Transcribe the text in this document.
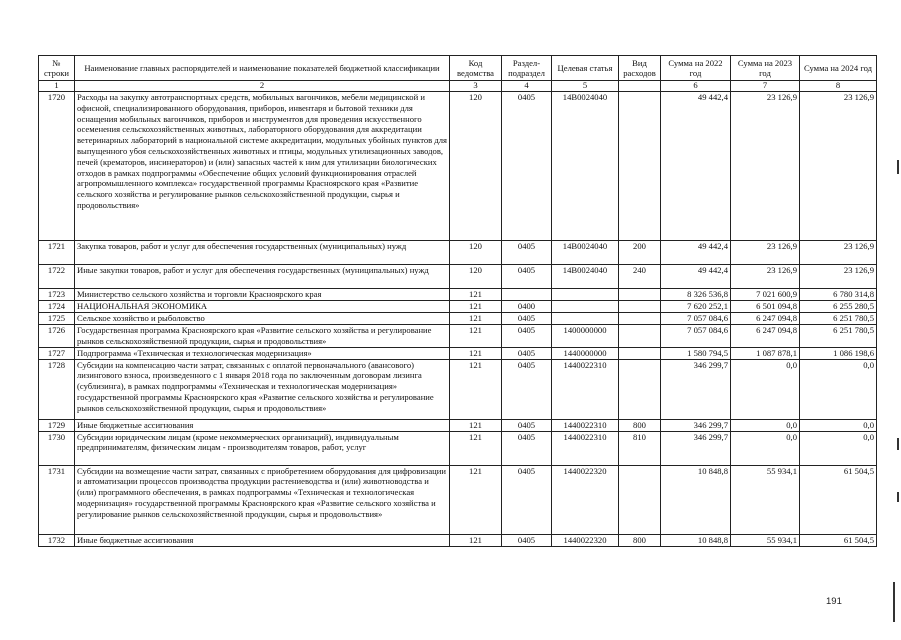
№ строки	Наименование главных распорядителей и наименование показателей бюджетной классификации	Код ведомства	Раздел-подраздел	Целевая статья	Вид расходов	Сумма на 2022 год	Сумма на 2023 год	Сумма на 2024 год
1	2	3	4	5		6	7	8
1720	Расходы на закупку автотранспортных средств, мобильных вагончиков, мебели медицинской и офисной, специализированного оборудования, приборов, инвентаря и бытовой техники для оснащения мобильных вагончиков, приборов и инструментов для проведения искусственного осеменения сельскохозяйственных животных, лабораторного оборудования для аккредитации ветеринарных лабораторий в национальной системе аккредитации, модульных убойных пунктов для выпущенного убоя сельскохозяйственных животных и птицы, модульных утилизационных заводов, печей (крематоров, инсинераторов) и (или) запасных частей к ним для утилизации биологических отходов в рамках подпрограммы «Обеспечение общих условий функционирования отраслей агропромышленного комплекса» государственной программы Красноярского края «Развитие сельского хозяйства и регулирование рынков сельскохозяйственной продукции, сырья и продовольствия»	120	0405	14В0024040		49 442,4	23 126,9	23 126,9
1721	Закупка товаров, работ и услуг для обеспечения государственных (муниципальных) нужд	120	0405	14В0024040	200	49 442,4	23 126,9	23 126,9
1722	Иные закупки товаров, работ и услуг для обеспечения государственных (муниципальных) нужд	120	0405	14В0024040	240	49 442,4	23 126,9	23 126,9
1723	Министерство сельского хозяйства и торговли Красноярского края	121				8 326 536,8	7 021 600,9	6 780 314,8
1724	НАЦИОНАЛЬНАЯ ЭКОНОМИКА	121	0400			7 620 252,1	6 501 094,8	6 255 280,5
1725	Сельское хозяйство и рыболовство	121	0405			7 057 084,6	6 247 094,8	6 251 780,5
1726	Государственная программа Красноярского края «Развитие сельского хозяйства и регулирование рынков сельскохозяйственной продукции, сырья и продовольствия»	121	0405	1400000000		7 057 084,6	6 247 094,8	6 251 780,5
1727	Подпрограмма «Техническая и технологическая модернизация»	121	0405	1440000000		1 580 794,5	1 087 878,1	1 086 198,6
1728	Субсидии на компенсацию части затрат, связанных с оплатой первоначального (авансового) лизингового взноса, произведенного с 1 января 2018 года по заключенным договорам лизинга (сублизинга), в рамках подпрограммы «Техническая и технологическая модернизация» государственной программы Красноярского края «Развитие сельского хозяйства и регулирование рынков сельскохозяйственной продукции, сырья и продовольствия»	121	0405	1440022310		346 299,7	0,0	0,0
1729	Иные бюджетные ассигнования	121	0405	1440022310	800	346 299,7	0,0	0,0
1730	Субсидии юридическим лицам (кроме некоммерческих организаций), индивидуальным предпринимателям, физическим лицам - производителям товаров, работ, услуг	121	0405	1440022310	810	346 299,7	0,0	0,0
1731	Субсидии на возмещение части затрат, связанных с приобретением оборудования для цифровизации и автоматизации процессов производства продукции растениеводства и (или) животноводства и (или) программного обеспечения, в рамках подпрограммы «Техническая и технологическая модернизация» государственной программы Красноярского края «Развитие сельского хозяйства и регулирование рынков сельскохозяйственной продукции, сырья и продовольствия»	121	0405	1440022320		10 848,8	55 934,1	61 504,5
1732	Иные бюджетные ассигнования	121	0405	1440022320	800	10 848,8	55 934,1	61 504,5
191
